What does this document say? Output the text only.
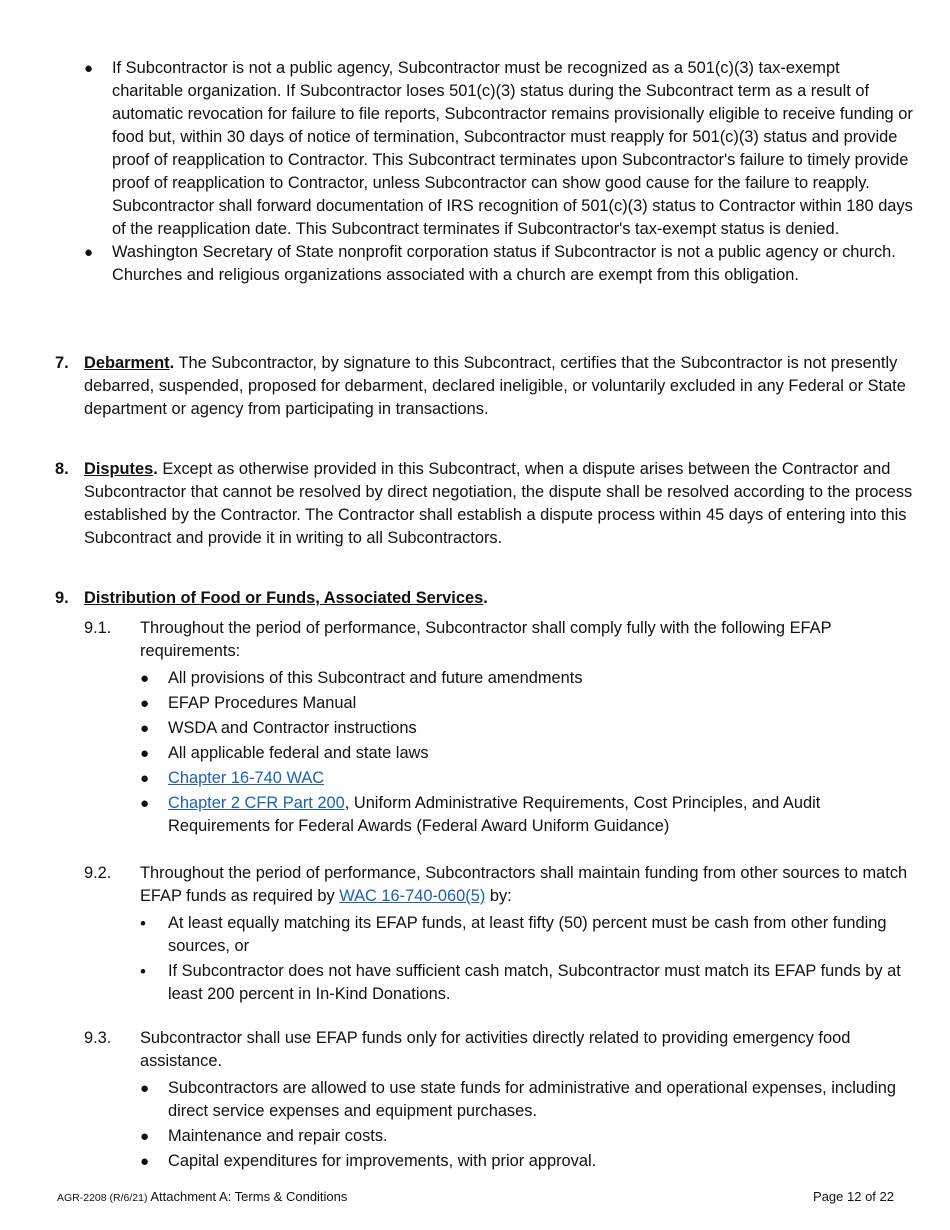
● If Subcontractor is not a public agency, Subcontractor must be recognized as a 501(c)(3) tax-exempt charitable organization. If Subcontractor loses 501(c)(3) status during the Subcontract term as a result of automatic revocation for failure to file reports, Subcontractor remains provisionally eligible to receive funding or food but, within 30 days of notice of termination, Subcontractor must reapply for 501(c)(3) status and provide proof of reapplication to Contractor. This Subcontract terminates upon Subcontractor's failure to timely provide proof of reapplication to Contractor, unless Subcontractor can show good cause for the failure to reapply. Subcontractor shall forward documentation of IRS recognition of 501(c)(3) status to Contractor within 180 days of the reapplication date. This Subcontract terminates if Subcontractor's tax-exempt status is denied.
● Washington Secretary of State nonprofit corporation status if Subcontractor is not a public agency or church. Churches and religious organizations associated with a church are exempt from this obligation.
7. Debarment. The Subcontractor, by signature to this Subcontract, certifies that the Subcontractor is not presently debarred, suspended, proposed for debarment, declared ineligible, or voluntarily excluded in any Federal or State department or agency from participating in transactions.
8. Disputes. Except as otherwise provided in this Subcontract, when a dispute arises between the Contractor and Subcontractor that cannot be resolved by direct negotiation, the dispute shall be resolved according to the process established by the Contractor. The Contractor shall establish a dispute process within 45 days of entering into this Subcontract and provide it in writing to all Subcontractors.
9. Distribution of Food or Funds, Associated Services.
9.1. Throughout the period of performance, Subcontractor shall comply fully with the following EFAP requirements:
● All provisions of this Subcontract and future amendments
● EFAP Procedures Manual
● WSDA and Contractor instructions
● All applicable federal and state laws
● Chapter 16-740 WAC
● Chapter 2 CFR Part 200, Uniform Administrative Requirements, Cost Principles, and Audit Requirements for Federal Awards (Federal Award Uniform Guidance)
9.2. Throughout the period of performance, Subcontractors shall maintain funding from other sources to match EFAP funds as required by WAC 16-740-060(5) by:
• At least equally matching its EFAP funds, at least fifty (50) percent must be cash from other funding sources, or
• If Subcontractor does not have sufficient cash match, Subcontractor must match its EFAP funds by at least 200 percent in In-Kind Donations.
9.3. Subcontractor shall use EFAP funds only for activities directly related to providing emergency food assistance.
● Subcontractors are allowed to use state funds for administrative and operational expenses, including direct service expenses and equipment purchases.
● Maintenance and repair costs.
● Capital expenditures for improvements, with prior approval.
AGR-2208 (R/6/21) Attachment A: Terms & Conditions	Page 12 of 22
